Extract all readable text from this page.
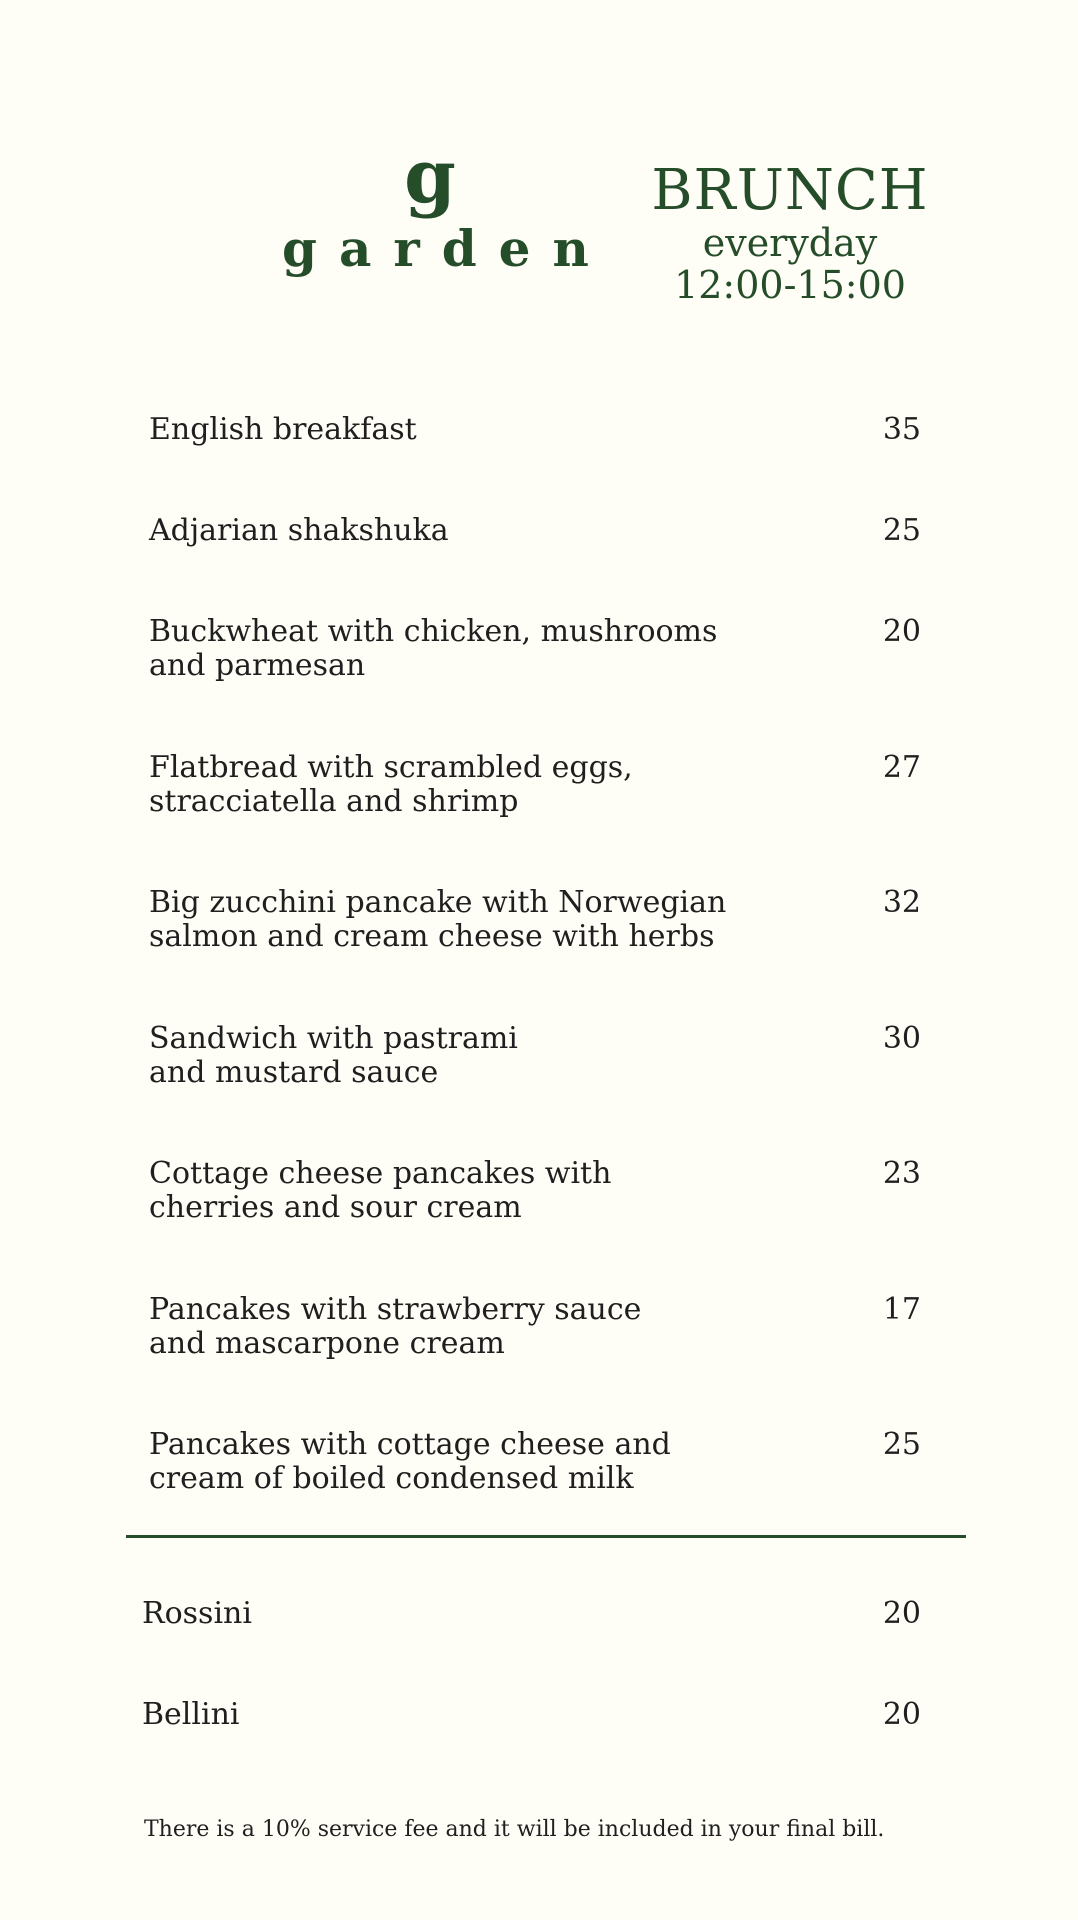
g
garden
BRUNCH
everyday
12:00-15:00
English breakfast	35
Adjarian shakshuka	25
Buckwheat with chicken, mushrooms
and parmesan
20
Flatbread with scrambled eggs,
stracciatella and shrimp
27
Big zucchini pancake with Norwegian
salmon and cream cheese with herbs
32
Sandwich with pastrami
and mustard sauce
30
Cottage cheese pancakes with
cherries and sour cream
23
Pancakes with strawberry sauce
and mascarpone cream
17
Pancakes with cottage cheese and
cream of boiled condensed milk
25
Rossini	20
Bellini	20
There is a 10% service fee and it will be included in your final bill.
